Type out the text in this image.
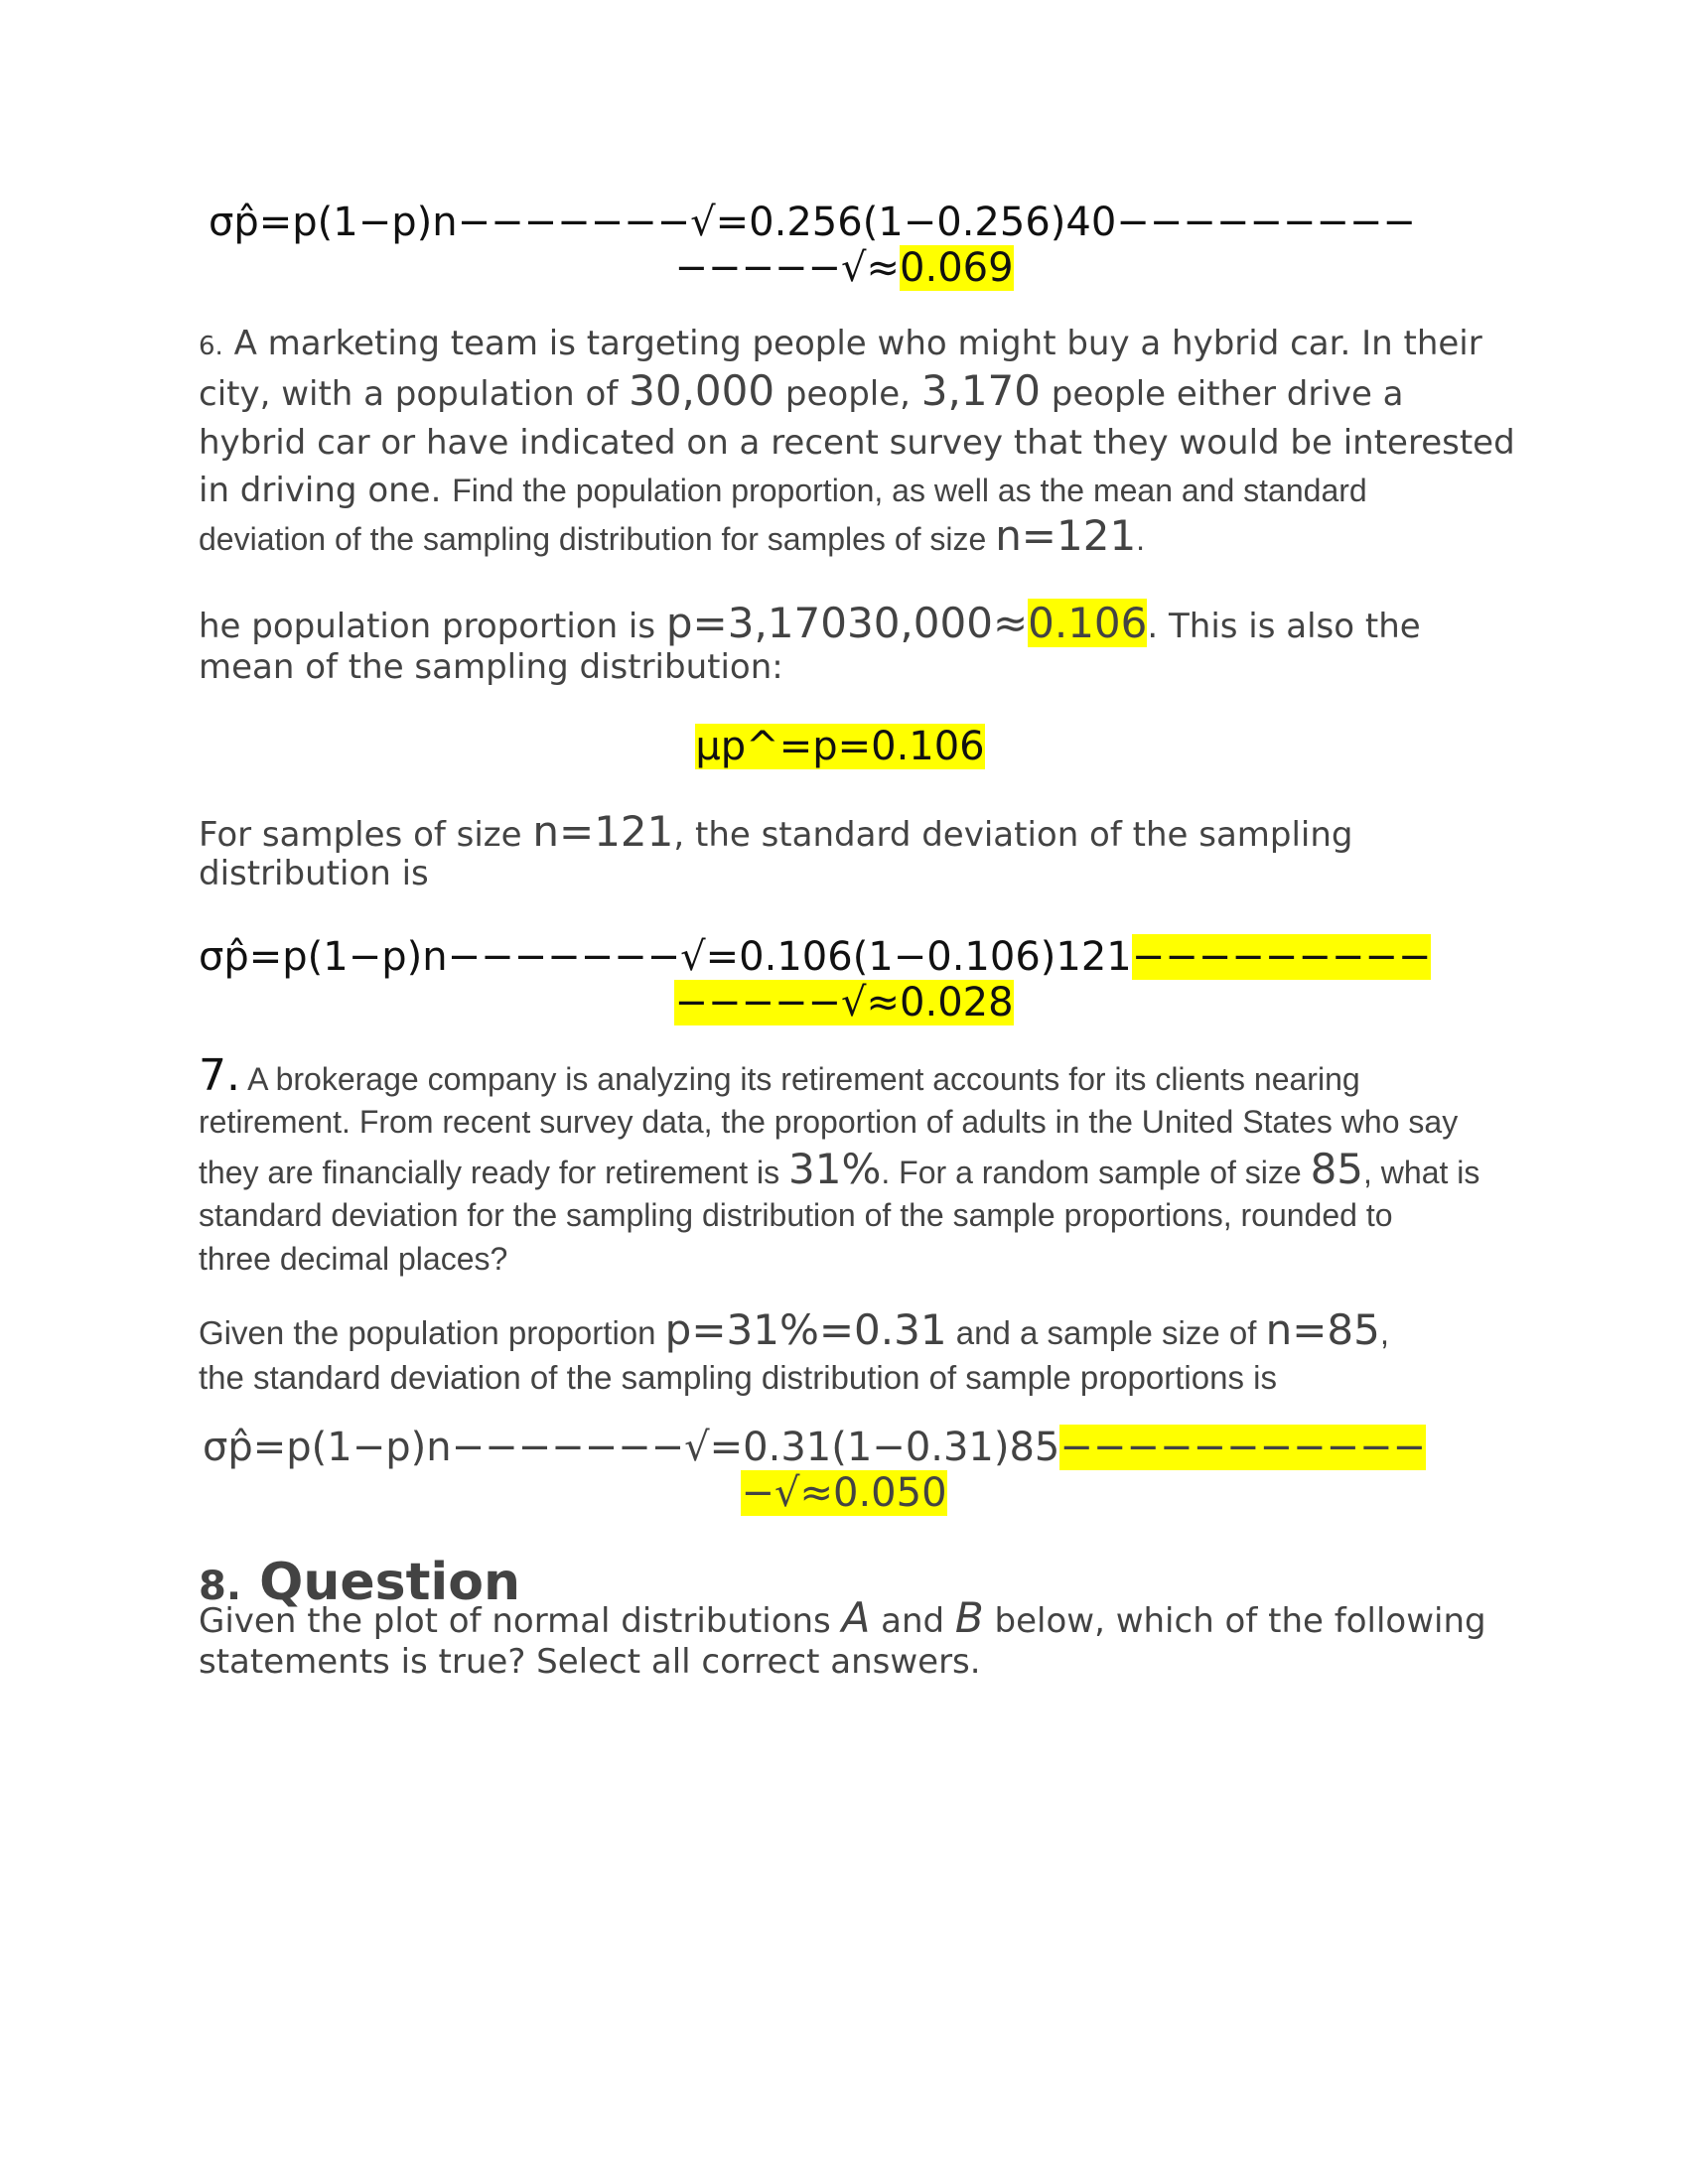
σp̂=p(1−p)n−−−−−−−√=0.256(1−0.256)40−−−−−−−−−
−−−−−√≈0.069
6. A marketing team is targeting people who might buy a hybrid car. In their
city, with a population of 30,000 people, 3,170 people either drive a
hybrid car or have indicated on a recent survey that they would be interested
in driving one. Find the population proportion, as well as the mean and standard
deviation of the sampling distribution for samples of size n=121.
he population proportion is p=3,17030,000≈0.106. This is also the
mean of the sampling distribution:
μp^=p=0.106
For samples of size n=121, the standard deviation of the sampling
distribution is
σp̂=p(1−p)n−−−−−−−√=0.106(1−0.106)121−−−−−−−−−
−−−−−√≈0.028
7. A brokerage company is analyzing its retirement accounts for its clients nearing
retirement. From recent survey data, the proportion of adults in the United States who say
they are financially ready for retirement is 31%. For a random sample of size 85, what is
standard deviation for the sampling distribution of the sample proportions, rounded to
three decimal places?
Given the population proportion p=31%=0.31 and a sample size of n=85,
the standard deviation of the sampling distribution of sample proportions is
σp̂=p(1−p)n−−−−−−−√=0.31(1−0.31)85−−−−−−−−−−−
−√≈0.050
8. Question
Given the plot of normal distributions A and B below, which of the following
statements is true? Select all correct answers.
